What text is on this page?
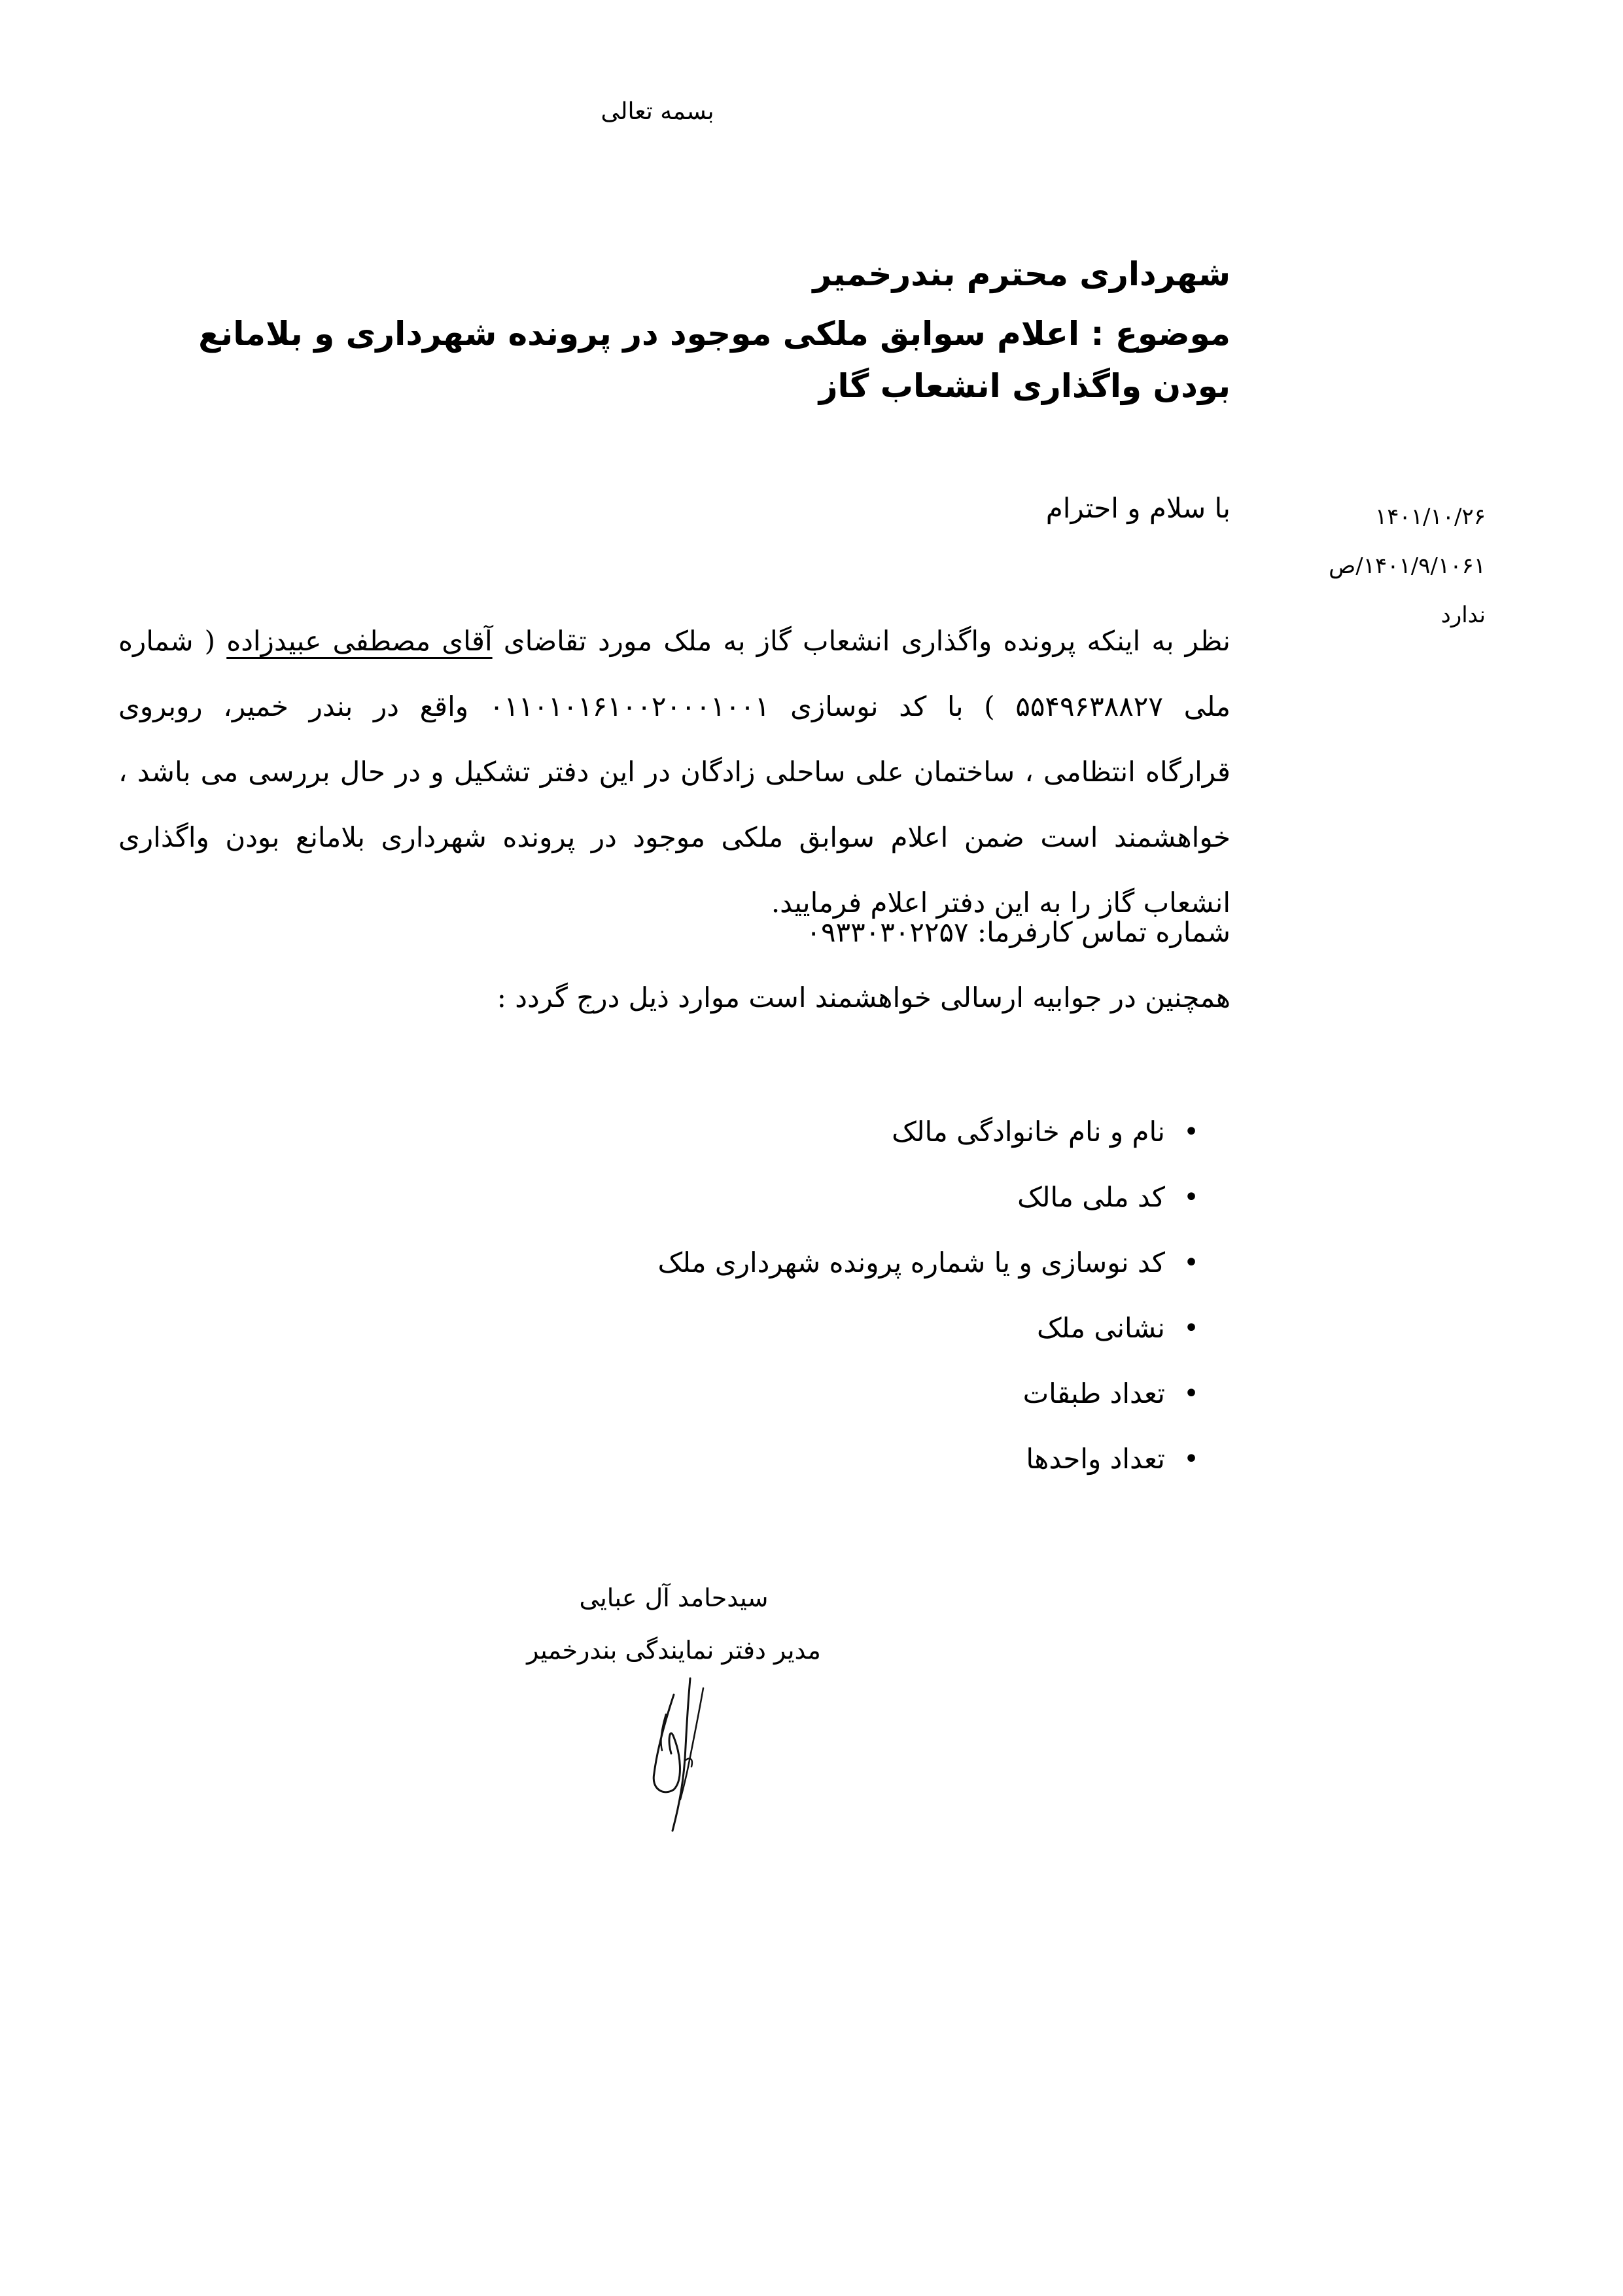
بسمه تعالی
شهرداری محترم بندرخمیر
موضوع : اعلام سوابق ملکی موجود در پرونده شهرداری و بلامانع بودن واگذاری انشعاب گاز
۱۴۰۱/۱۰/۲۶
۱۴۰۱/۹/۱۰۶۱/ص
ندارد
با سلام و احترام
نظر به اینکه پرونده واگذاری انشعاب گاز به ملک مورد تقاضای آقای مصطفی عبیدزاده ( شماره
ملی ۵۵۴۹۶۳۸۸۲۷ ) با کد نوسازی ۰۱۱۰۱۰۱۶۱۰۰۲۰۰۰۱۰۰۱ واقع در بندر خمیر، روبروی
قرارگاه انتظامی ، ساختمان علی ساحلی زادگان در این دفتر تشکیل و در حال بررسی می باشد ،
خواهشمند است ضمن اعلام سوابق ملکی موجود در پرونده شهرداری بلامانع بودن واگذاری
انشعاب گاز را به این دفتر اعلام فرمایید.
شماره تماس کارفرما: ۰۹۳۳۰۳۰۲۲۵۷
همچنین در جوابیه ارسالی خواهشمند است موارد ذیل درج گردد :
•
نام و نام خانوادگی مالک
•
کد ملی مالک
•
کد نوسازی و یا شماره پرونده شهرداری ملک
•
نشانی ملک
•
تعداد طبقات
•
تعداد واحدها
سیدحامد آل عبایی
مدیر دفتر نمایندگی بندرخمیر
